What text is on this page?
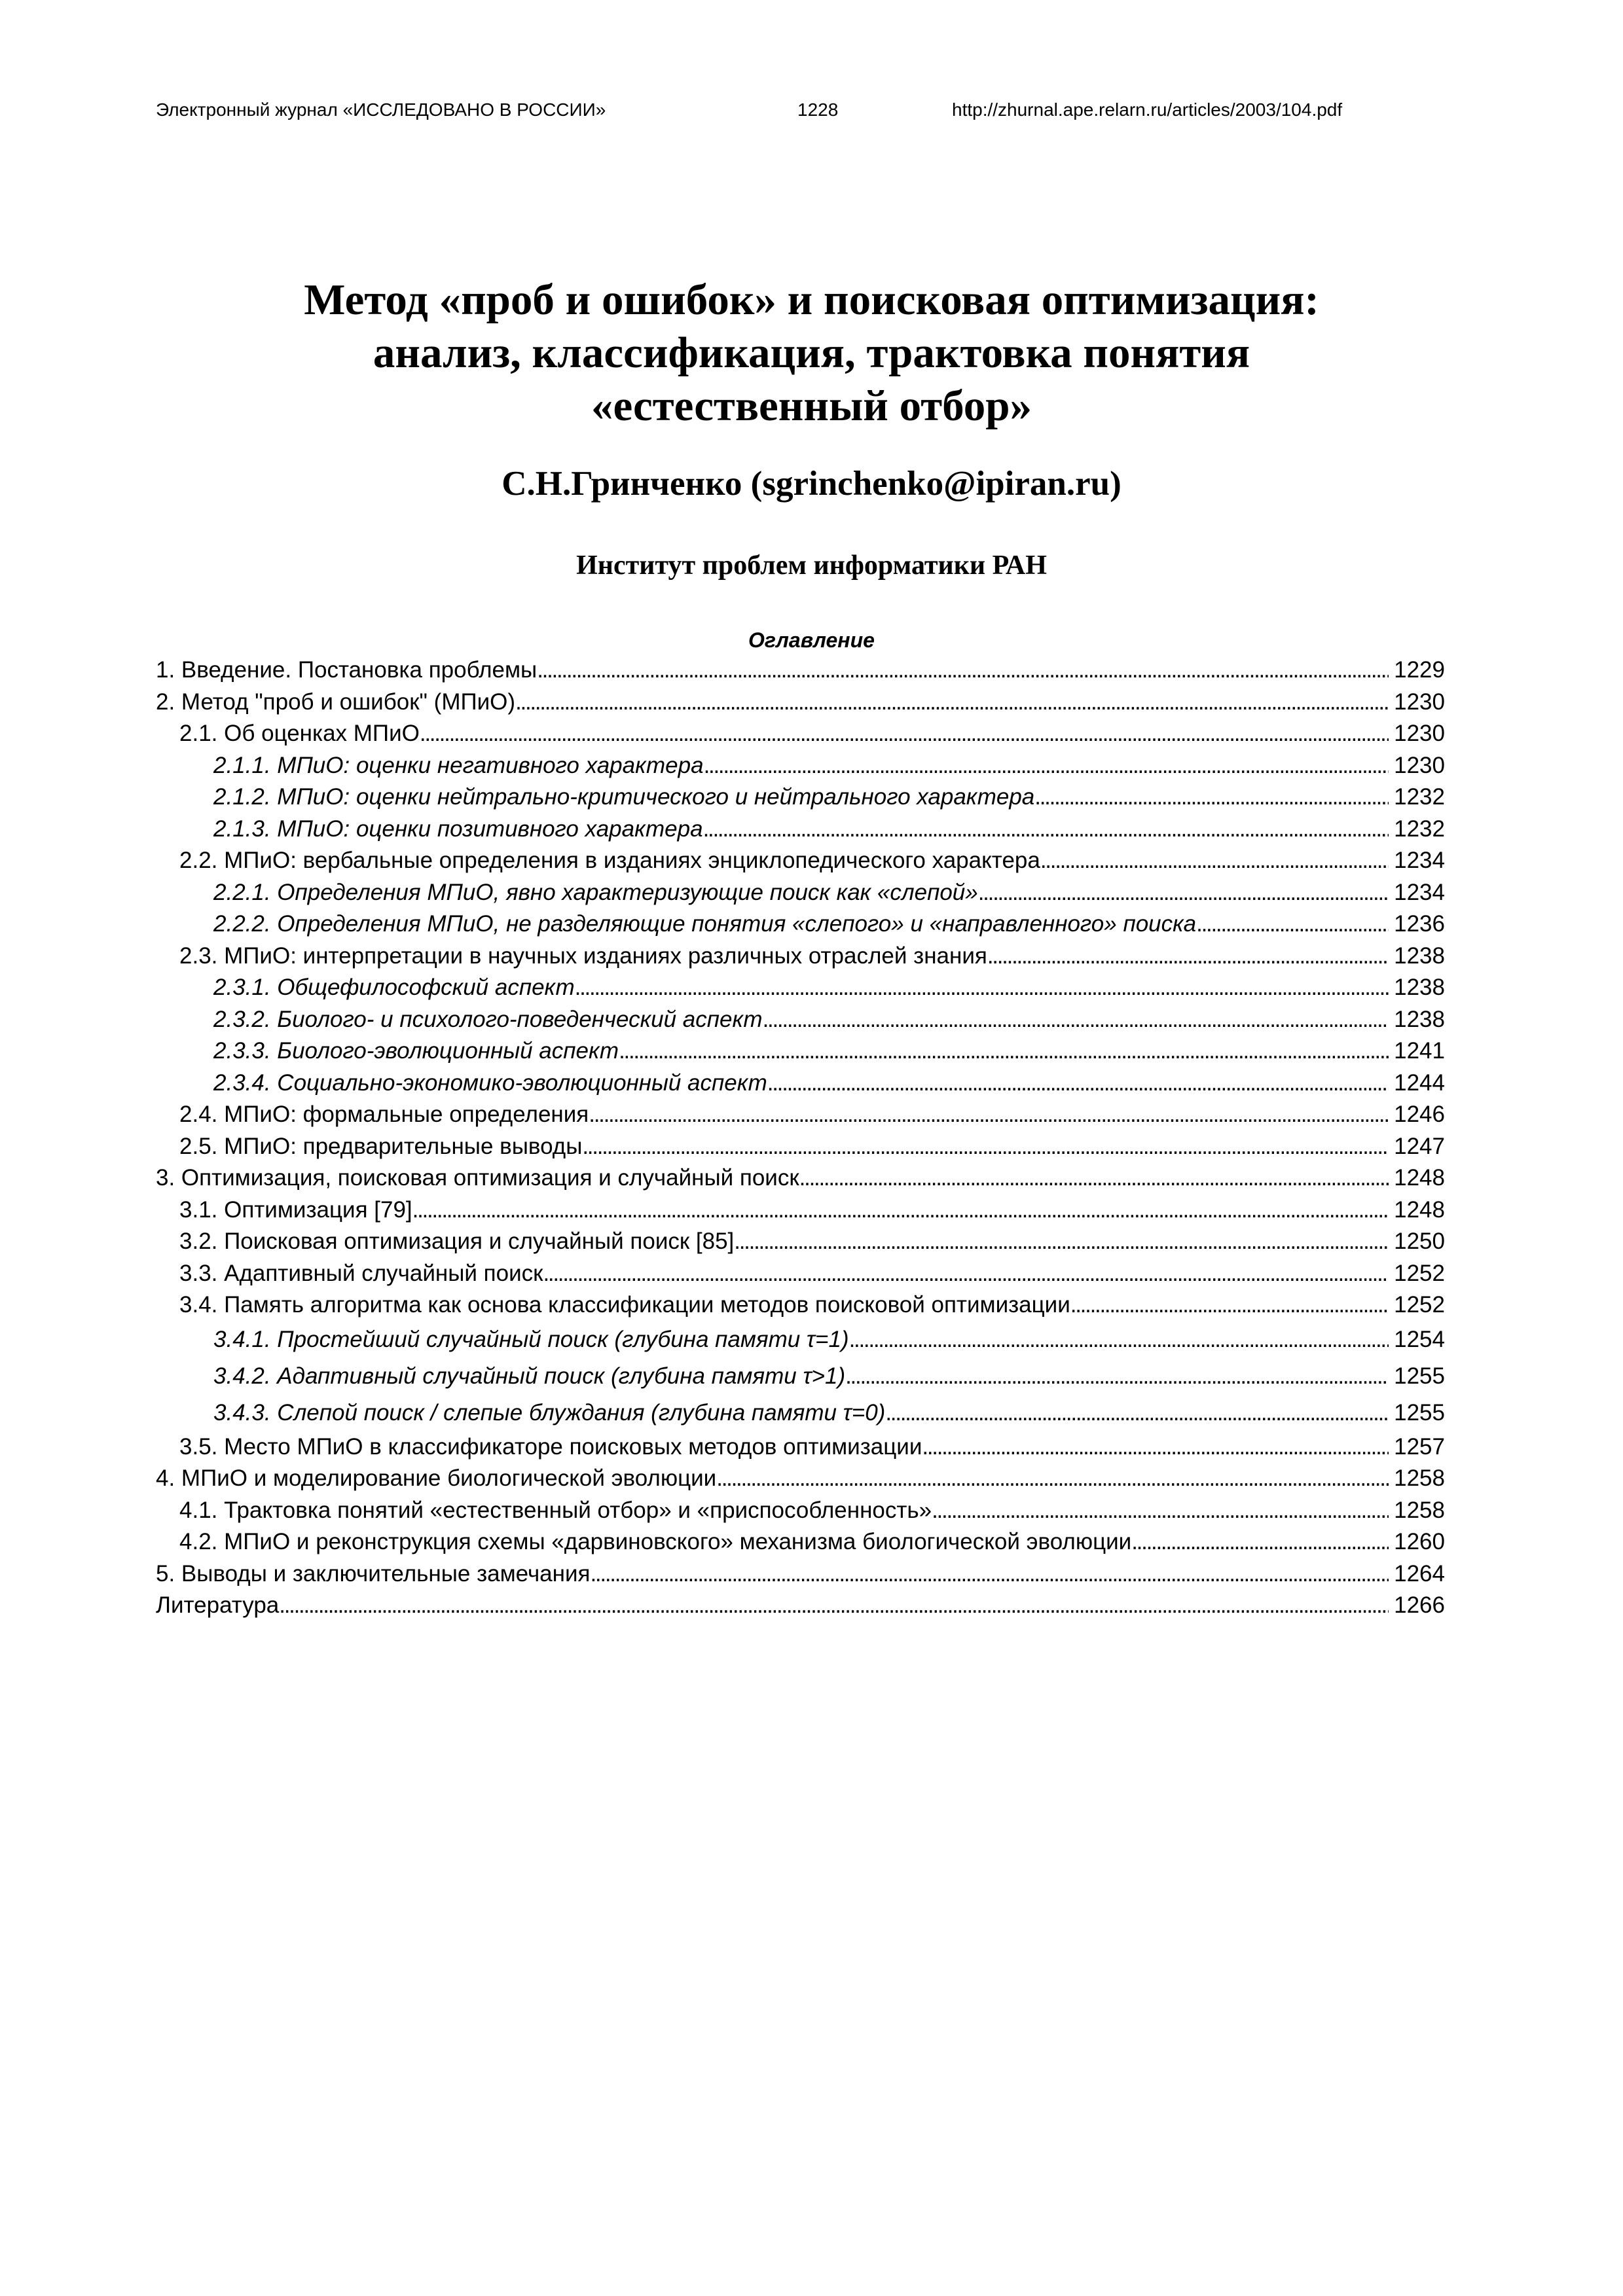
Электронный журнал «ИССЛЕДОВАНО В РОССИИ»	1228	http://zhurnal.ape.relarn.ru/articles/2003/104.pdf
Метод «проб и ошибок» и поисковая оптимизация:
анализ, классификация, трактовка понятия
«естественный отбор»
С.Н.Гринченко (sgrinchenko@ipiran.ru)
Институт проблем информатики РАН
Оглавление
1. Введение. Постановка проблемы . . .	1229
2. Метод "проб и ошибок" (МПиО) . . .	1230
2.1. Об оценках МПиО . . .	1230
2.1.1. МПиО: оценки негативного характера . . .	1230
2.1.2. МПиО: оценки нейтрально-критического и нейтрального характера . . .	1232
2.1.3. МПиО: оценки позитивного характера . . .	1232
2.2. МПиО: вербальные определения в изданиях энциклопедического характера . . .	1234
2.2.1. Определения МПиО, явно характеризующие поиск как «слепой» . . .	1234
2.2.2. Определения МПиО, не разделяющие понятия «слепого» и «направленного» поиска . . .	1236
2.3. МПиО: интерпретации в научных изданиях различных отраслей знания . . .	1238
2.3.1. Общефилософский аспект . . .	1238
2.3.2. Биолого- и психолого-поведенческий аспект . . .	1238
2.3.3. Биолого-эволюционный аспект . . .	1241
2.3.4. Социально-экономико-эволюционный аспект . . .	1244
2.4. МПиО: формальные определения . . .	1246
2.5. МПиО: предварительные выводы . . .	1247
3. Оптимизация, поисковая оптимизация и случайный поиск . . .	1248
3.1. Оптимизация [79] . . .	1248
3.2. Поисковая оптимизация и случайный поиск [85] . . .	1250
3.3. Адаптивный случайный поиск . . .	1252
3.4. Память алгоритма как основа классификации методов поисковой оптимизации . . .	1252
3.4.1. Простейший случайный поиск (глубина памяти τ=1) . . .	1254
3.4.2. Адаптивный случайный поиск (глубина памяти τ>1) . . .	1255
3.4.3. Слепой поиск / слепые блуждания (глубина памяти τ=0) . . .	1255
3.5. Место МПиО в классификаторе поисковых методов оптимизации . . .	1257
4. МПиО и моделирование биологической эволюции . . .	1258
4.1. Трактовка понятий «естественный отбор» и «приспособленность» . . .	1258
4.2. МПиО и реконструкция схемы «дарвиновского» механизма биологической эволюции . . .	1260
5. Выводы и заключительные замечания . . .	1264
Литература . . .	1266
